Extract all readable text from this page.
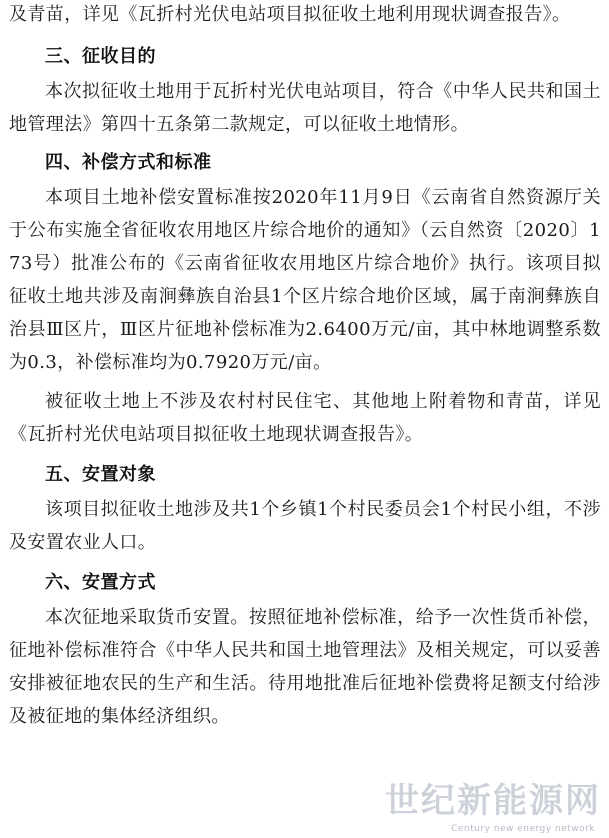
及青苗，详见《瓦折村光伏电站项目拟征收土地利用现状调查报告》。

三、征收目的

本次拟征收土地用于瓦折村光伏电站项目，符合《中华人民共和国土地管理法》第四十五条第二款规定，可以征收土地情形。

四、补偿方式和标准

本项目土地补偿安置标准按2020年11月9日《云南省自然资源厅关于公布实施全省征收农用地区片综合地价的通知》（云自然资〔2020〕173号）批准公布的《云南省征收农用地区片综合地价》执行。该项目拟征收土地共涉及南涧彝族自治县1个区片综合地价区域，属于南涧彝族自治县Ⅲ区片，Ⅲ区片征地补偿标准为2.6400万元/亩，其中林地调整系数为0.3，补偿标准均为0.7920万元/亩。

被征收土地上不涉及农村村民住宅、其他地上附着物和青苗，详见《瓦折村光伏电站项目拟征收土地现状调查报告》。

五、安置对象

该项目拟征收土地涉及共1个乡镇1个村民委员会1个村民小组，不涉及安置农业人口。

六、安置方式

本次征地采取货币安置。按照征地补偿标准，给予一次性货币补偿，征地补偿标准符合《中华人民共和国土地管理法》及相关规定，可以妥善安排被征地农民的生产和生活。待用地批准后征地补偿费将足额支付给涉及被征地的集体经济组织。

世纪新能源网
Century new energy network
